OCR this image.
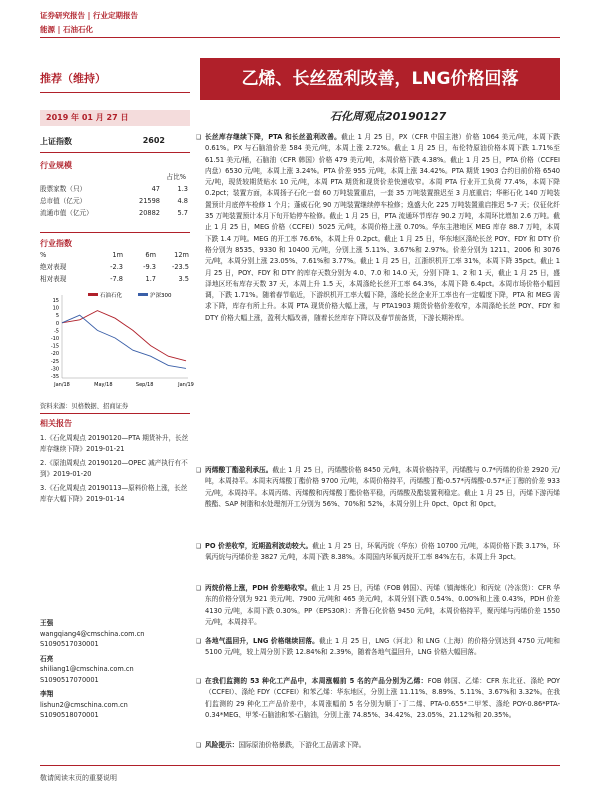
证券研究报告 | 行业定期报告
能源 | 石油石化
推荐（维持）	乙烯、长丝盈利改善，LNG价格回落
2019 年 01 月 27 日	石化周观点20190127
上证指数	2602
行业规模
占比%
股票家数（只）	47	1.3
总市值（亿元）	21598	4.8
流通市值（亿元）	20882	5.7
行业指数
%	1m	6m	12m
绝对表现	-2.3	-9.3	-23.5
相对表现	-7.8	1.7	3.5
15
10
5
0
-5
-10
-15
-20
-25
-30
-35
Jan/18	May/18	Sep/18	Jan/19
石油石化	沪深300
资料来源：贝格数据、招商证券
相关报告
1.《石化周观点 20190120—PTA 期货补升，长丝库存继续下降》2019-01-21
2.《原油周观点 20190120—OPEC 减产执行有不到》2019-01-20
3.《石化周观点 20190113—原料价格上涨，长丝库存大幅下降》2019-01-14
王强
wangqiang4@cmschina.com.cn
S1090517030001
石亮
shiliang1@cmschina.com.cn
S1090517070001
李翔
lishun2@cmschina.com.cn
S1090518070001
❑ 长丝库存继续下降，PTA 和长丝盈利改善。截止 1 月 25 日，PX（CFR 中国主港）价格 1064 美元/吨，本周下跌 0.61%。PX 与石脑油价差 584 美元/吨，本周上涨 2.72%。截止 1 月 25 日，布伦特原油价格本周下跌 1.71%至 61.51 美元/桶，石脑油（CFR 韩国）价格 479 美元/吨，本周价格下跌 4.38%。截止 1 月 25 日，PTA 价格（CCFEI 内盘）6530 元/吨，本周上涨 3.24%。PTA 价差 955 元/吨，本周上涨 34.42%。PTA 期货 1903 合约目前价格 6540 元/吨，现货较期货贴水 10 元/吨，本周 PTA 期货和现货价差快速收窄。本周 PTA 行业开工负荷 77.4%，本周下降 0.2pct；装置方面，本周扬子石化一套 60 万吨装置重启，一套 35 万吨装置推迟至 3 月底重启；华彬石化 140 万吨装置预计月底停车检修 1 个月；蓬威石化 90 万吨装置继续停车检修；逸盛大化 225 万吨装置重启推迟 5-7 天；仪征化纤 35 万吨装置预计本月下旬开始停车检修。截止 1 月 25 日，PTA 流通环节库存 90.2 万吨，本周环比增加 2.6 万吨。截止 1 月 25 日，MEG 价格（CCFEI）5025 元/吨，本周价格上涨 0.70%。华东主港地区 MEG 库存 88.7 万吨，本周下跌 1.4 万吨。MEG 的开工率 76.6%，本周上升 0.2pct。截止 1 月 25 日，华东地区涤纶长丝 POY、FDY 和 DTY 价格分别为 8535、9330 和 10400 元/吨，分别上涨 5.11%、3.67%和 2.97%。价差分别为 1211、2006 和 3076 元/吨，本周分别上涨 23.05%、7.61%和 3.77%。截止 1 月 25 日，江浙织机开工率 31%，本周下降 35pct。截止 1 月 25 日，POY、FDY 和 DTY 的库存天数分别为 4.0、7.0 和 14.0 天，分别下降 1、2 和 1 天，截止 1 月 25 日，盛泽地区坯布库存天数 37 天，本周上升 1.5 天，本周涤纶长丝开工率 64.3%，本周下降 6.4pct。本周市场价格小幅回调，下跌 1.71%。随着春节临近，下游织机开工率大幅下降，涤纶长丝企业开工率也有一定幅度下降，PTA 和 MEG 需求下降，库存有所上升。本周 PTA 现货价格大幅上涨，与 PTA1903 期货价格价差收窄，本周涤纶长丝 POY、FDY 和 DTY 价格大幅上涨，盈利大幅改善，随着长丝库存下降以及春节前备货，下游长期补库。
❑ 丙烯酸丁酯盈利承压。截止 1 月 25 日，丙烯酸价格 8450 元/吨，本周价格持平，丙烯酸与 0.7*丙烯的价差 2920 元/吨，本周持平。本周末丙烯酸丁酯价格 9700 元/吨，本周价格持平，丙烯酸丁酯-0.57*丙烯酸-0.57*正丁醇的价差 933 元/吨，本周持平。本周丙烯、丙烯酸和丙烯酸丁酯价格平稳，丙烯酸及酯装置利稳定。截止 1 月 25 日，丙烯下游丙烯酸酯、SAP 树脂和水处理剂开工分别为 56%、70%和 52%，本周分别上升 0pct、0pct 和 0pct。
❑ PO 价差收窄，近期盈利波动较大。截止 1 月 25 日，环氧丙烷（华东）价格 10700 元/吨，本周价格下跌 3.17%，环氧丙烷与丙烯价差 3827 元/吨，本周下跌 8.38%。本周国内环氧丙烷开工率 84%左右，本周上升 3pct。
❑ 丙烷价格上涨，PDH 价差略收窄。截止 1 月 25 日，丙烯（FOB 韩国）、丙烯（镇海炼化）和丙烷（冷冻货）：CFR 华东的价格分别为 921 美元/吨、7900 元/吨和 465 美元/吨，本周分别下跌 0.54%、0.00%和上涨 0.43%，PDH 价差 4130 元/吨，本周下跌 0.30%。PP（EPS30R）：齐鲁石化价格 9450 元/吨，本周价格持平，聚丙烯与丙烯价差 1550 元/吨，本周持平。
❑ 各地气温回升，LNG 价格继续回落。截止 1 月 25 日，LNG（河北）和 LNG（上海）的价格分别达到 4750 元/吨和 5100 元/吨，较上周分别下跌 12.84%和 2.39%，随着各地气温回升，LNG 价格大幅回落。
❑ 在我们监测的 53 种化工产品中，本周涨幅前 5 名的产品分别为乙烯：FOB 韩国、乙烯：CFR 东北亚、涤纶 POY（CCFEI）、涤纶 FDY（CCFEI）和苯乙烯：华东地区，分别上涨 11.11%、8.89%、5.11%、3.67%和 3.32%。在我们监测的 29 种化工产品价差中，本周涨幅前 5 名分别为顺丁-丁二烯、PTA-0.655*二甲苯、涤纶 POY-0.86*PTA-0.34*MEG、甲苯-石脑油和苯-石脑油，分别上涨 74.85%、34.42%、23.05%、21.12%和 20.35%。
❑ 风险提示：国际原油价格暴跌，下游化工品需求下降。
敬请阅读末页的重要说明
